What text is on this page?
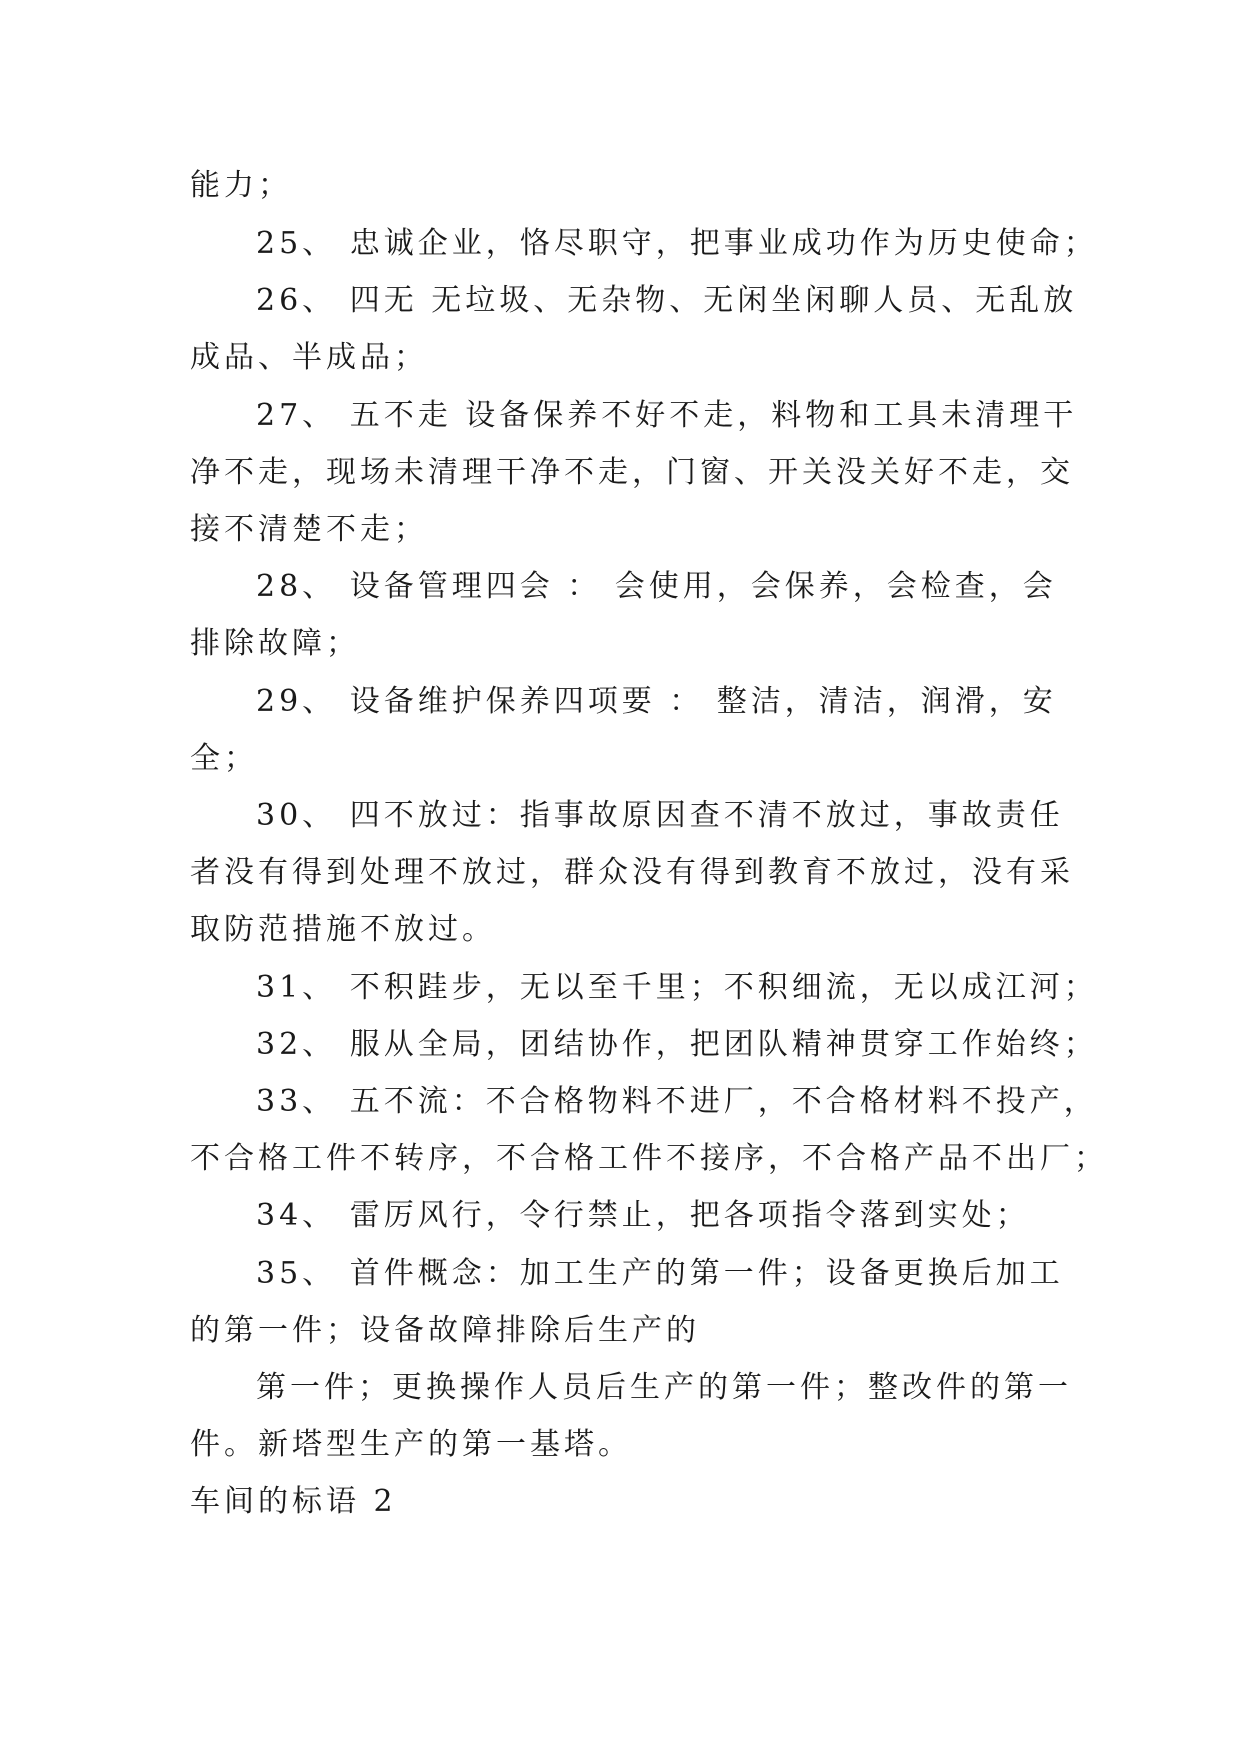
能力；
25、 忠诚企业，恪尽职守，把事业成功作为历史使命；
26、 四无 无垃圾、无杂物、无闲坐闲聊人员、无乱放
成品、半成品；
27、 五不走 设备保养不好不走，料物和工具未清理干
净不走，现场未清理干净不走，门窗、开关没关好不走，交
接不清楚不走；
28、 设备管理四会 ： 会使用，会保养，会检查，会
排除故障；
29、 设备维护保养四项要 ： 整洁，清洁，润滑，安
全；
30、 四不放过：指事故原因查不清不放过，事故责任
者没有得到处理不放过，群众没有得到教育不放过，没有采
取防范措施不放过。
31、 不积跬步，无以至千里；不积细流，无以成江河；
32、 服从全局，团结协作，把团队精神贯穿工作始终；
33、 五不流：不合格物料不进厂，不合格材料不投产，
不合格工件不转序，不合格工件不接序，不合格产品不出厂；
34、 雷厉风行，令行禁止，把各项指令落到实处；
35、 首件概念：加工生产的第一件；设备更换后加工
的第一件；设备故障排除后生产的
第一件；更换操作人员后生产的第一件；整改件的第一
件。新塔型生产的第一基塔。
车间的标语 2
